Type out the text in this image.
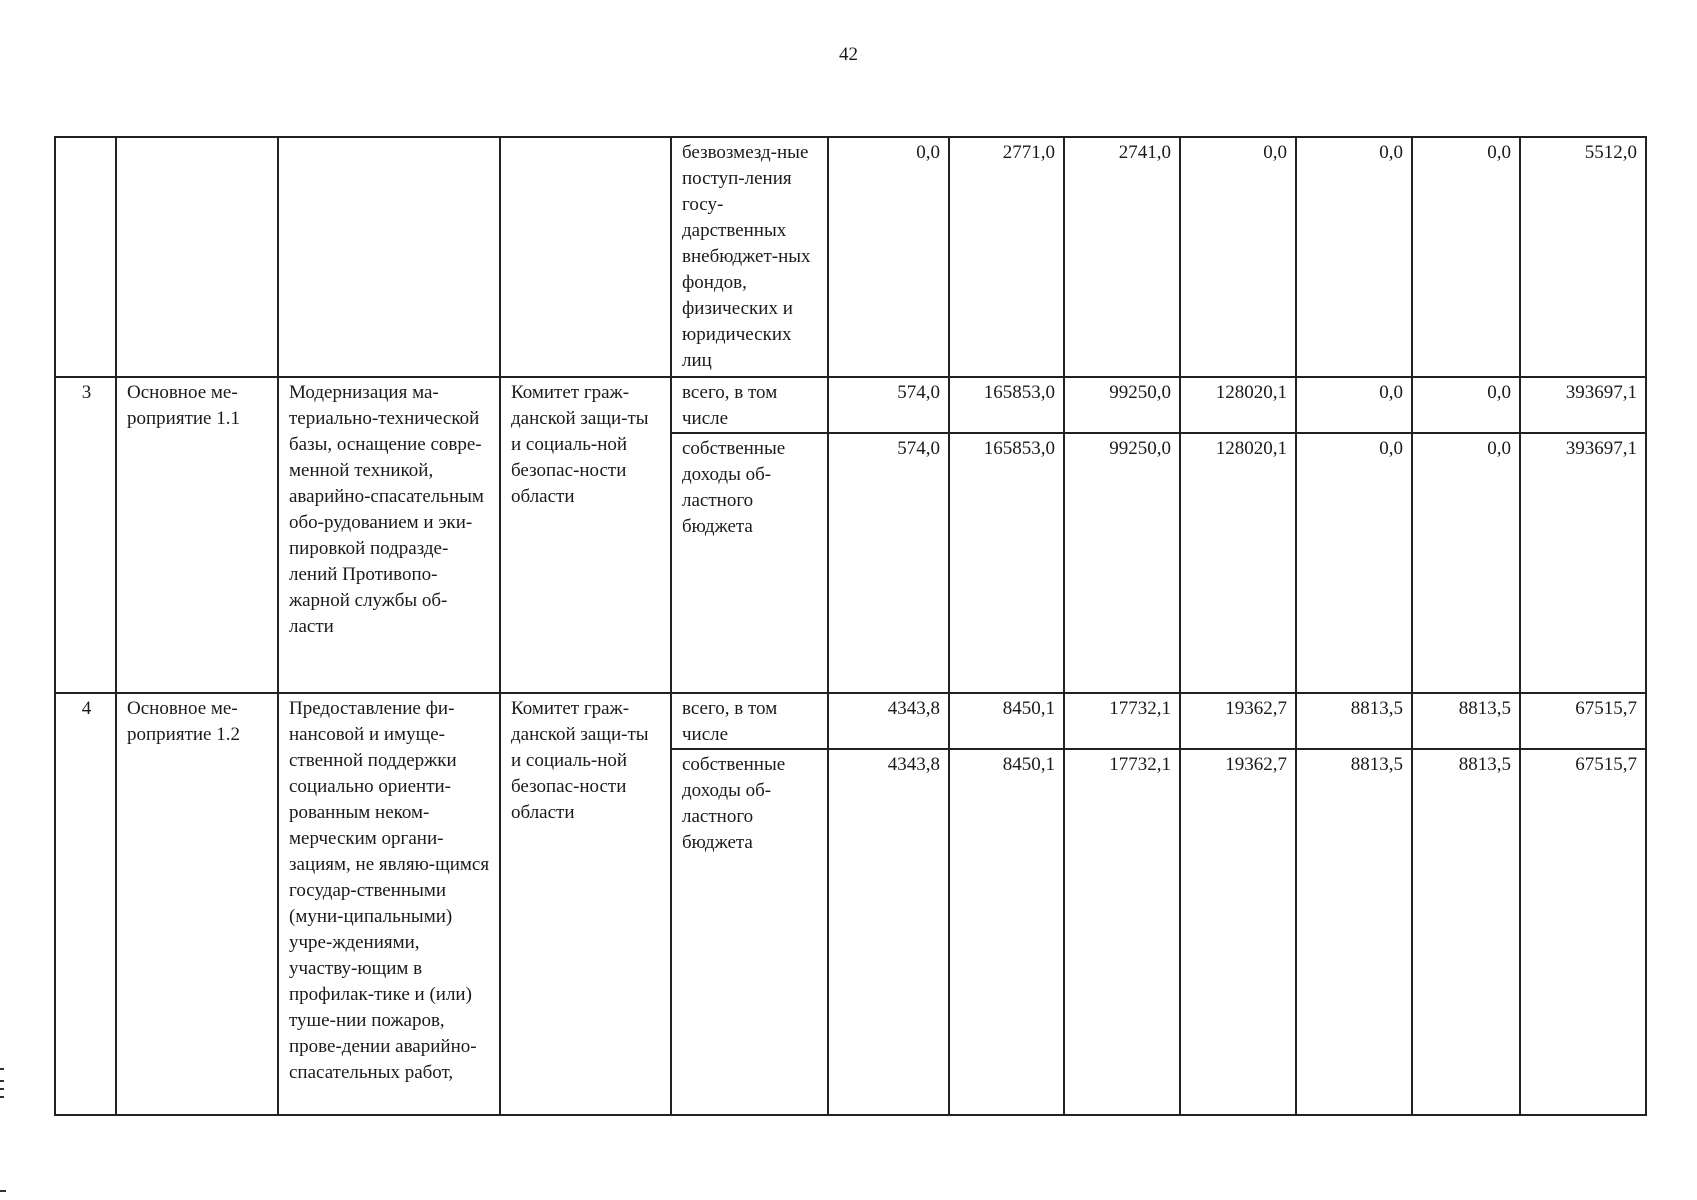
42
				безвозмезд-ные поступ-ления госу-дарственных внебюджет-ных фондов, физических и юридических лиц	0,0	2771,0	2741,0	0,0	0,0	0,0	5512,0
3	Основное ме-роприятие 1.1	Модернизация ма-териально-технической базы, оснащение совре-менной техникой, аварийно-спасательным обо-рудованием и эки-пировкой подразде-лений Противопо-жарной службы об-ласти	Комитет граж-данской защи-ты и социаль-ной безопас-ности области	всего, в том числе	574,0	165853,0	99250,0	128020,1	0,0	0,0	393697,1
				собственные доходы об-ластного бюджета	574,0	165853,0	99250,0	128020,1	0,0	0,0	393697,1
4	Основное ме-роприятие 1.2	Предоставление фи-нансовой и имуще-ственной поддержки социально ориенти-рованным неком-мерческим органи-зациям, не являю-щимся государ-ственными (муни-ципальными) учре-ждениями, участву-ющим в профилак-тике и (или) туше-нии пожаров, прове-дении аварийно-спасательных работ,	Комитет граж-данской защи-ты и социаль-ной безопас-ности области	всего, в том числе	4343,8	8450,1	17732,1	19362,7	8813,5	8813,5	67515,7
				собственные доходы об-ластного бюджета	4343,8	8450,1	17732,1	19362,7	8813,5	8813,5	67515,7
